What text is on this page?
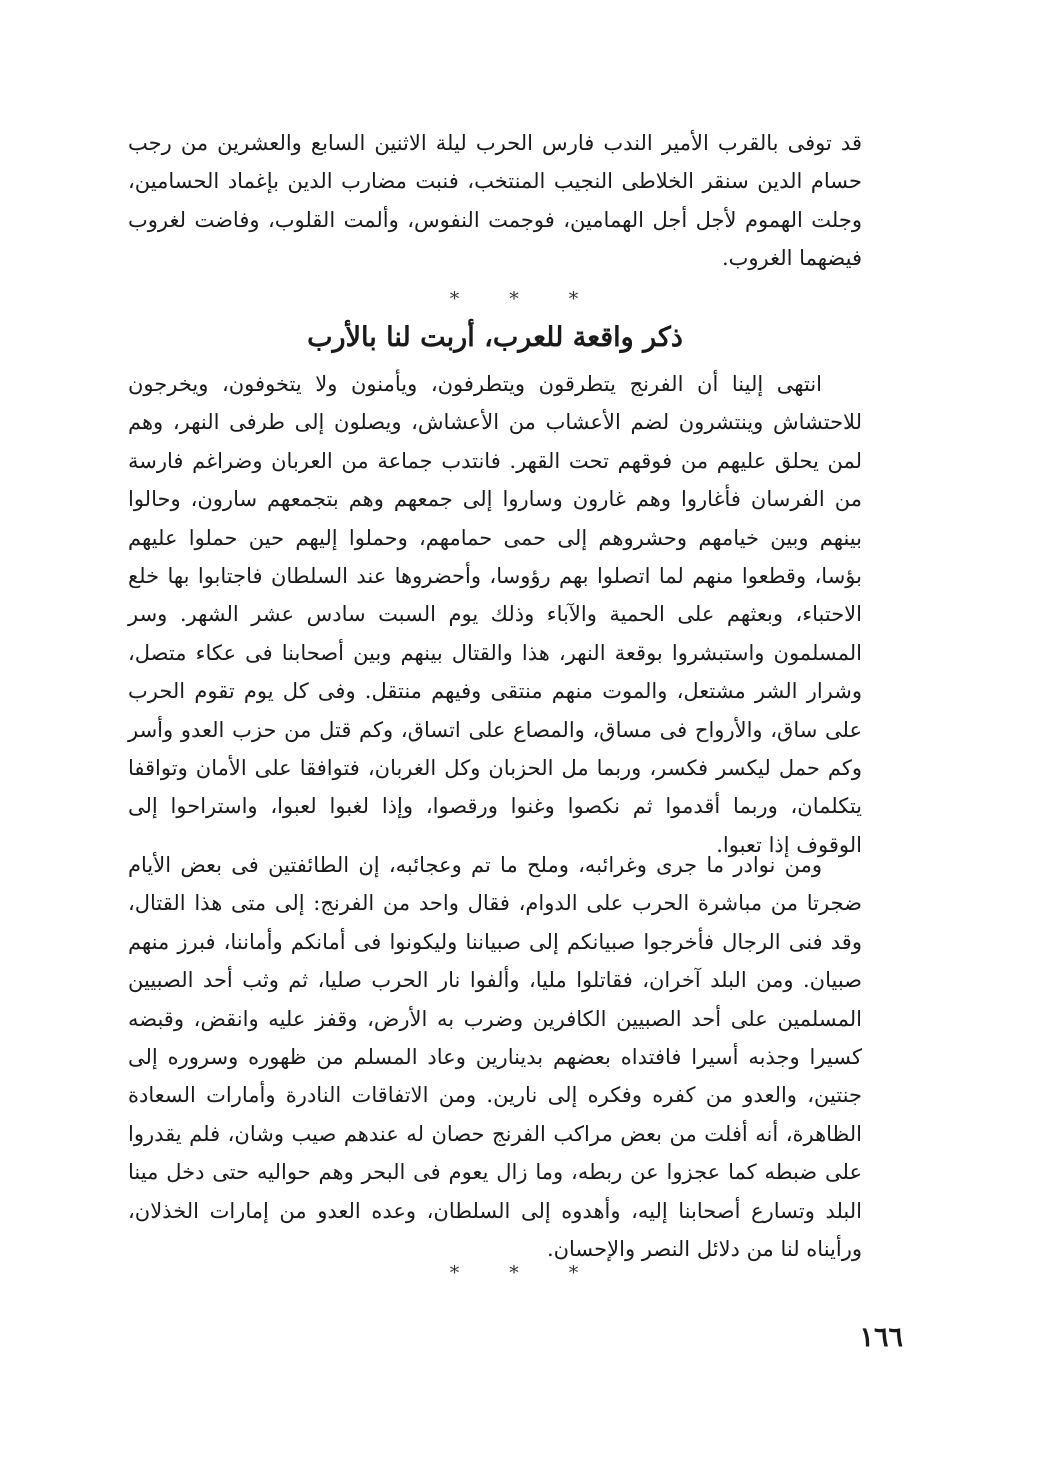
قد توفى بالقرب الأمير الندب فارس الحرب ليلة الاثنين السابع والعشرين من رجب حسام الدين سنقر الخلاطى النجيب المنتخب، فنبت مضارب الدين بإغماد الحسامين، وجلت الهموم لأجل أجل الهمامين، فوجمت النفوس، وألمت القلوب، وفاضت لغروب فيضهما الغروب.

* * *
ذكر واقعة للعرب، أربت لنا بالأرب

انتهى إلينا أن الفرنج يتطرقون ويتطرفون، ويأمنون ولا يتخوفون، ويخرجون للاحتشاش وينتشرون لضم الأعشاب من الأعشاش، ويصلون إلى طرفى النهر، وهم لمن يحلق عليهم من فوقهم تحت القهر. فانتدب جماعة من العربان وضراغم فارسة من الفرسان فأغاروا وهم غارون وساروا إلى جمعهم وهم بتجمعهم سارون، وحالوا بينهم وبين خيامهم وحشروهم إلى حمى حمامهم، وحملوا إليهم حين حملوا عليهم بؤسا، وقطعوا منهم لما اتصلوا بهم رؤوسا، وأحضروها عند السلطان فاجتابوا بها خلع الاحتباء، وبعثهم على الحمية والآباء وذلك يوم السبت سادس عشر الشهر. وسر المسلمون واستبشروا بوقعة النهر، هذا والقتال بينهم وبين أصحابنا فى عكاء متصل، وشرار الشر مشتعل، والموت منهم منتقى وفيهم منتقل. وفى كل يوم تقوم الحرب على ساق، والأرواح فى مساق، والمصاع على اتساق، وكم قتل من حزب العدو وأسر وكم حمل ليكسر فكسر، وربما مل الحزبان وكل الغربان، فتوافقا على الأمان وتواقفا يتكلمان، وربما أقدموا ثم نكصوا وغنوا ورقصوا، وإذا لغبوا لعبوا، واستراحوا إلى الوقوف إذا تعبوا.

ومن نوادر ما جرى وغرائبه، وملح ما تم وعجائبه، إن الطائفتين فى بعض الأيام ضجرتا من مباشرة الحرب على الدوام، فقال واحد من الفرنج: إلى متى هذا القتال، وقد فنى الرجال فأخرجوا صبيانكم إلى صبياننا وليكونوا فى أمانكم وأماننا، فبرز منهم صبيان. ومن البلد آخران، فقاتلوا مليا، وألفوا نار الحرب صليا، ثم وثب أحد الصبيين المسلمين على أحد الصبيين الكافرين وضرب به الأرض، وقفز عليه وانقض، وقبضه كسيرا وجذبه أسيرا فافتداه بعضهم بدينارين وعاد المسلم من ظهوره وسروره إلى جنتين، والعدو من كفره وفكره إلى نارين. ومن الاتفاقات النادرة وأمارات السعادة الظاهرة، أنه أفلت من بعض مراكب الفرنج حصان له عندهم صيب وشان، فلم يقدروا على ضبطه كما عجزوا عن ربطه، وما زال يعوم فى البحر وهم حواليه حتى دخل مينا البلد وتسارع أصحابنا إليه، وأهدوه إلى السلطان، وعده العدو من إمارات الخذلان، ورأيناه لنا من دلائل النصر والإحسان.

* * *
١٦٦
